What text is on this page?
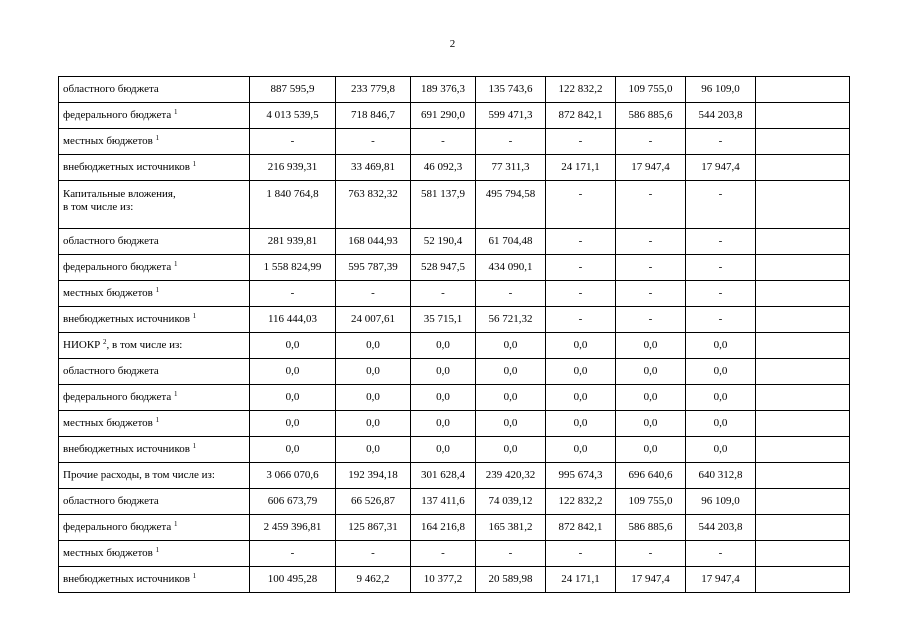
2
областного бюджета	887 595,9	233 779,8	189 376,3	135 743,6	122 832,2	109 755,0	96 109,0	
федерального бюджета $^1$	4 013 539,5	718 846,7	691 290,0	599 471,3	872 842,1	586 885,6	544 203,8	
местных бюджетов $^1$	-	-	-	-	-	-	-	
внебюджетных источников $^1$	216 939,31	33 469,81	46 092,3	77 311,3	24 171,1	17 947,4	17 947,4	
Капитальные вложения,
в том числе из:	1 840 764,8	763 832,32	581 137,9	495 794,58	-	-	-	
областного бюджета	281 939,81	168 044,93	52 190,4	61 704,48	-	-	-	
федерального бюджета $^1$	1 558 824,99	595 787,39	528 947,5	434 090,1	-	-	-	
местных бюджетов $^1$	-	-	-	-	-	-	-	
внебюджетных источников $^1$	116 444,03	24 007,61	35 715,1	56 721,32	-	-	-	
НИОКР $^2$, в том числе из:	0,0	0,0	0,0	0,0	0,0	0,0	0,0	
областного бюджета	0,0	0,0	0,0	0,0	0,0	0,0	0,0	
федерального бюджета $^1$	0,0	0,0	0,0	0,0	0,0	0,0	0,0	
местных бюджетов $^1$	0,0	0,0	0,0	0,0	0,0	0,0	0,0	
внебюджетных источников $^1$	0,0	0,0	0,0	0,0	0,0	0,0	0,0	
Прочие расходы, в том числе из:	3 066 070,6	192 394,18	301 628,4	239 420,32	995 674,3	696 640,6	640 312,8	
областного бюджета	606 673,79	66 526,87	137 411,6	74 039,12	122 832,2	109 755,0	96 109,0	
федерального бюджета $^1$	2 459 396,81	125 867,31	164 216,8	165 381,2	872 842,1	586 885,6	544 203,8	
местных бюджетов $^1$	-	-	-	-	-	-	-	
внебюджетных источников $^1$	100 495,28	9 462,2	10 377,2	20 589,98	24 171,1	17 947,4	17 947,4	
